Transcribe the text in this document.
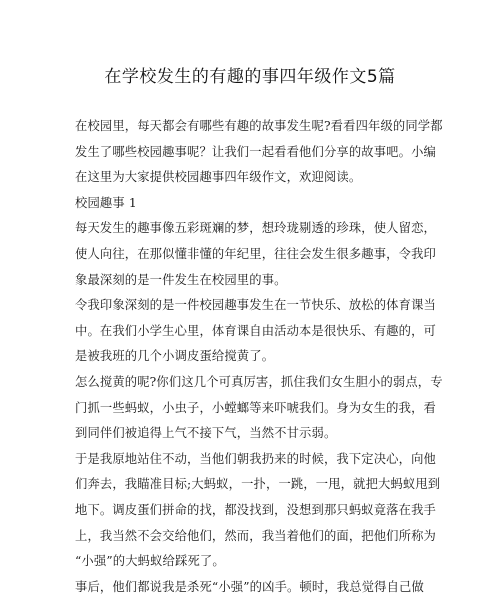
在学校发生的有趣的事四年级作文5篇
在校园里，每天都会有哪些有趣的故事发生呢?看看四年级的同学都
发生了哪些校园趣事呢？让我们一起看看他们分享的故事吧。小编
在这里为大家提供校园趣事四年级作文，欢迎阅读。
校园趣事 1
每天发生的趣事像五彩斑斓的梦，想玲珑剔透的珍珠，使人留恋，
使人向往，在那似懂非懂的年纪里，往往会发生很多趣事，令我印
象最深刻的是一件发生在校园里的事。
令我印象深刻的是一件校园趣事发生在一节快乐、放松的体育课当
中。在我们小学生心里，体育课自由活动本是很快乐、有趣的，可
是被我班的几个小调皮蛋给搅黄了。
怎么搅黄的呢?你们这几个可真厉害，抓住我们女生胆小的弱点，专
门抓一些蚂蚁，小虫子，小螳螂等来吓唬我们。身为女生的我，看
到同伴们被追得上气不接下气，当然不甘示弱。
于是我原地站住不动，当他们朝我扔来的时候，我下定决心，向他
们奔去，我瞄准目标;大蚂蚁，一扑，一跳，一甩，就把大蚂蚁甩到
地下。调皮蛋们拼命的找，都没找到，没想到那只蚂蚁竟落在我手
上，我当然不会交给他们，然而，我当着他们的面，把他们所称为
“小强”的大蚂蚁给踩死了。
事后，他们都说我是杀死“小强”的凶手。顿时，我总觉得自己做
